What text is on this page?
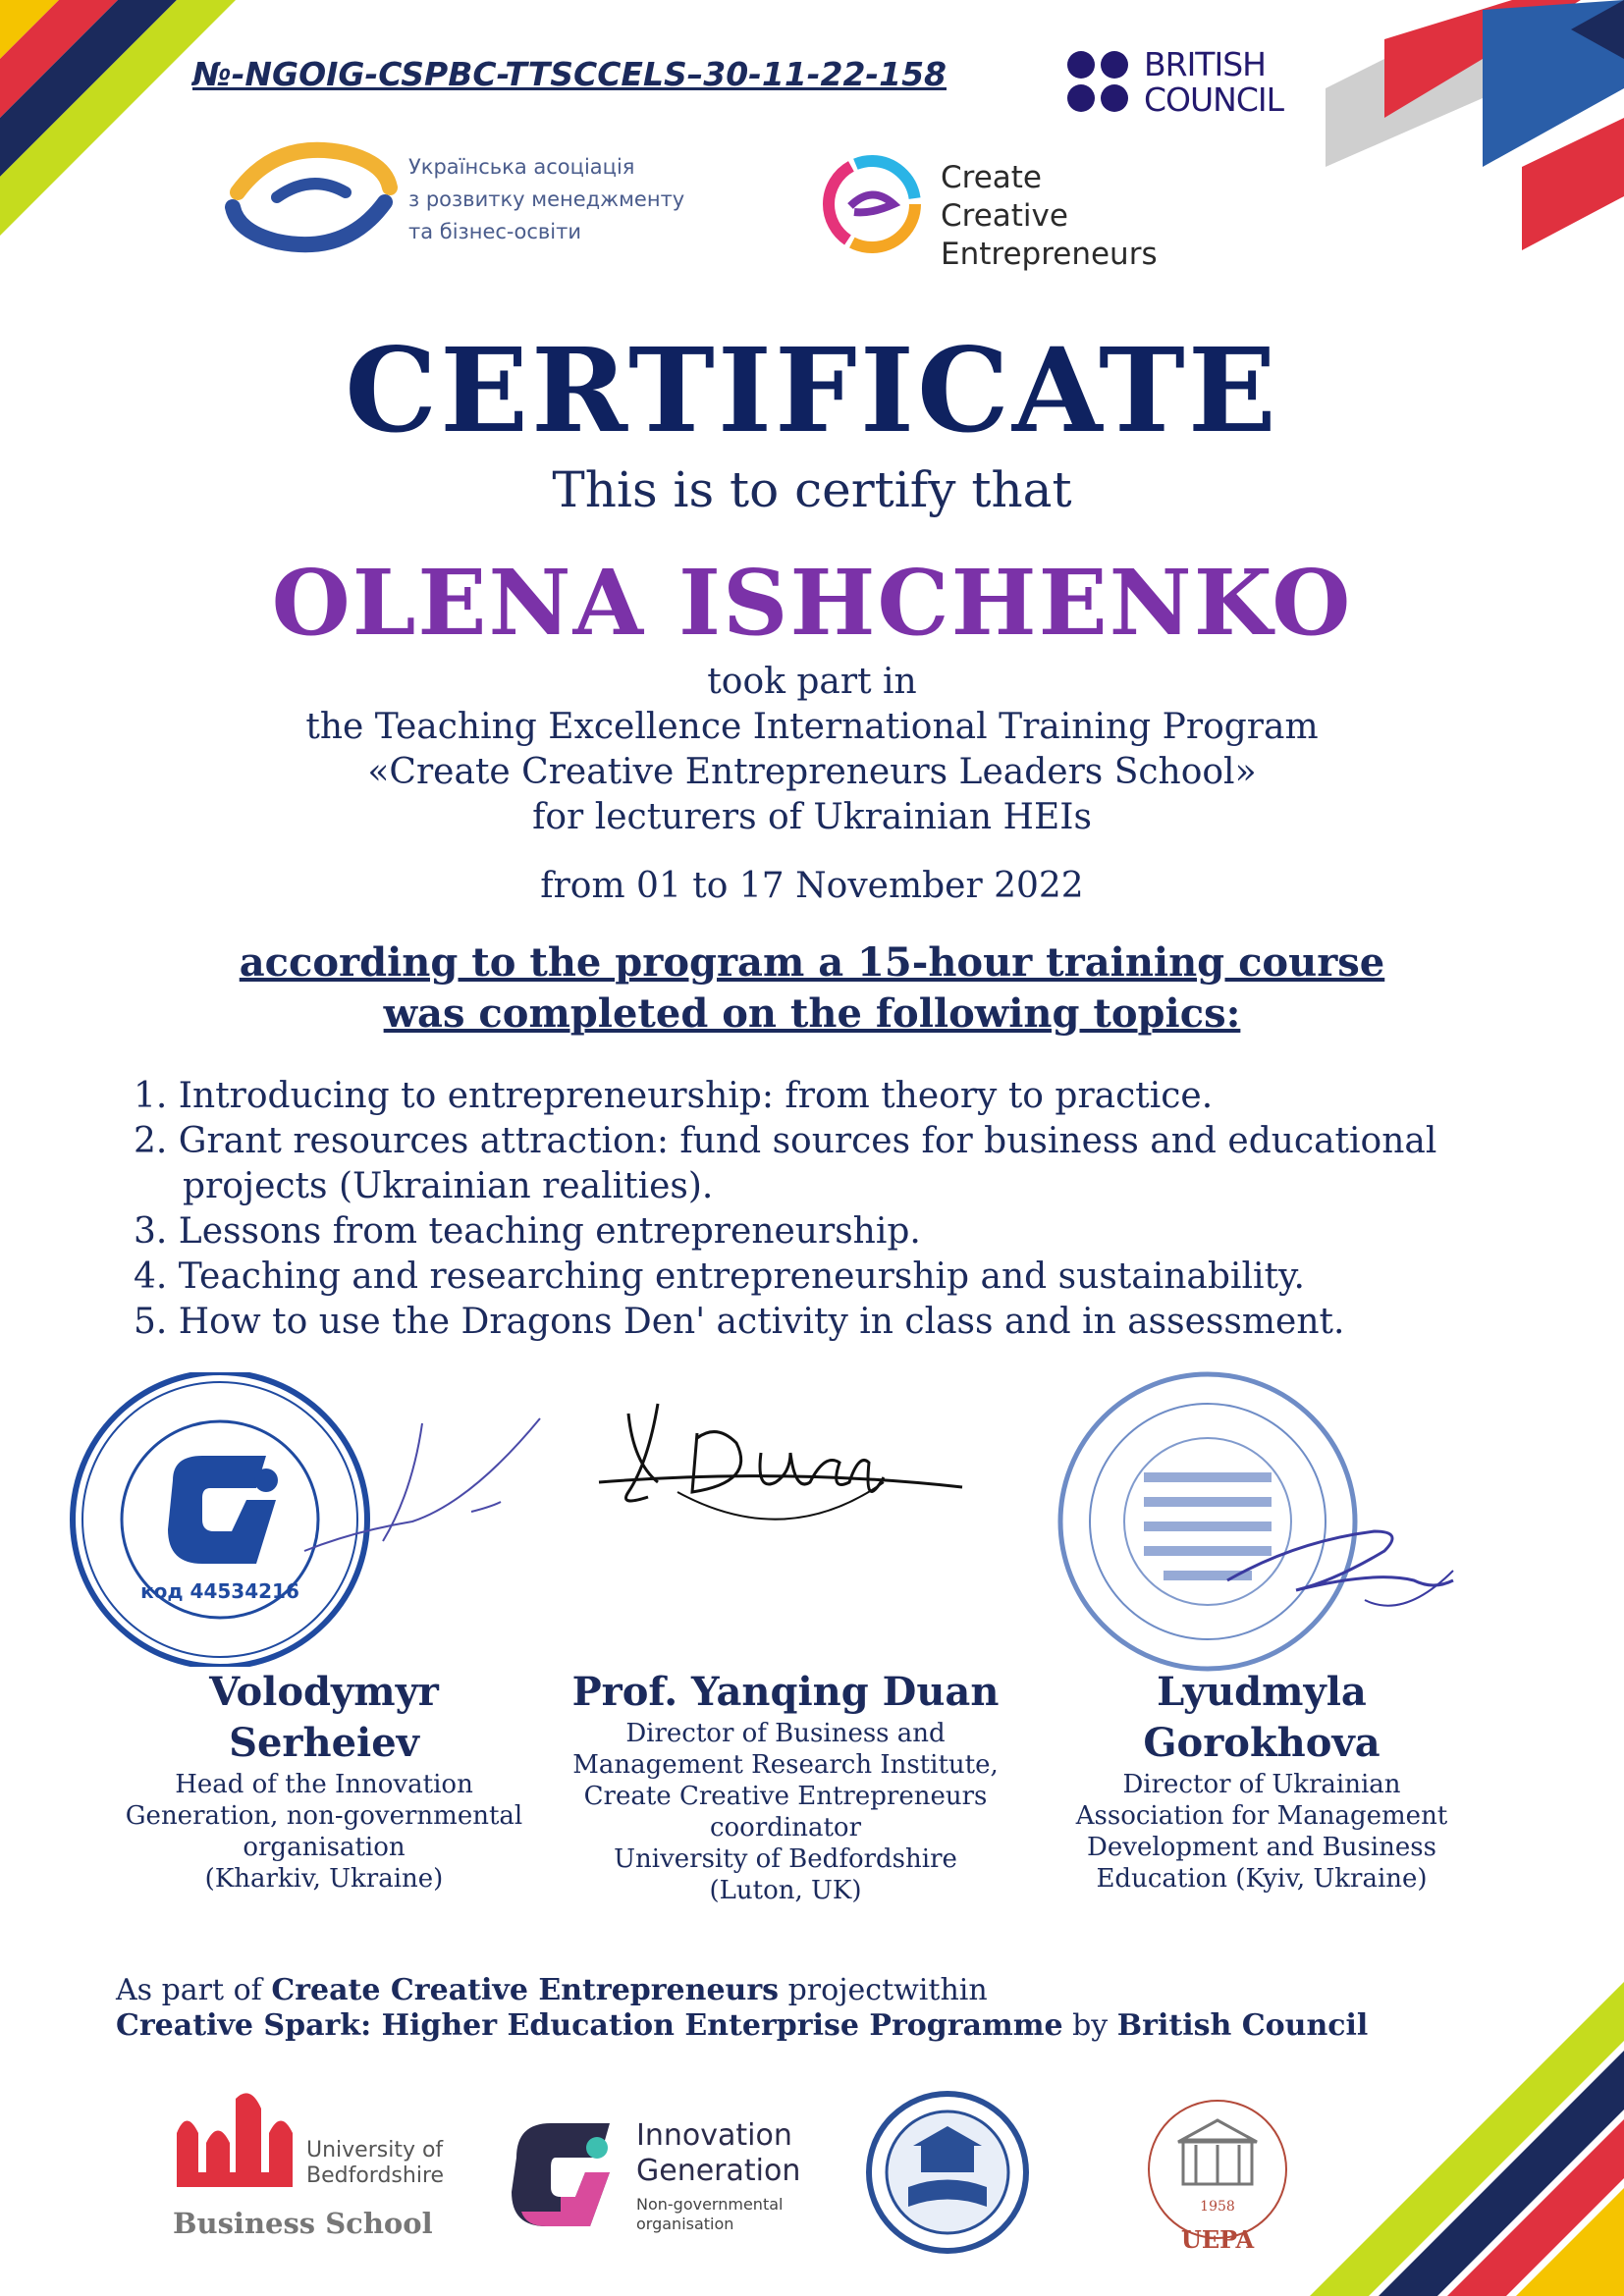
№-NGOIG-CSPBC-TTSCCELS–30-11-22-158	BRITISH
COUNCIL
Українська асоціація
з розвитку менеджменту
та бізнес-освіти
Create
Creative
Entrepreneurs
CERTIFICATE
This is to certify that
OLENA ISHCHENKO
took part in
the Teaching Excellence International Training Program
«Create Creative Entrepreneurs Leaders School»
for lecturers of Ukrainian HEIs
from 01 to 17 November 2022
according to the program a 15-hour training course
was completed on the following topics:
1. Introducing to entrepreneurship: from theory to practice.
2. Grant resources attraction: fund sources for business and educational projects (Ukrainian realities).
3. Lessons from teaching entrepreneurship.
4. Teaching and researching entrepreneurship and sustainability.
5. How to use the Dragons Den' activity in class and in assessment.
код 44534216
Volodymyr
Serheiev
Head of the Innovation
Generation, non-governmental
organisation
(Kharkiv, Ukraine)
Prof. Yanqing Duan
Director of Business and
Management Research Institute,
Create Creative Entrepreneurs
coordinator
University of Bedfordshire
(Luton, UK)
Lyudmyla
Gorokhova
Director of Ukrainian
Association for Management
Development and Business
Education (Kyiv, Ukraine)
As part of Create Creative Entrepreneurs projectwithin
Creative Spark: Higher Education Enterprise Programme by British Council
University of
Bedfordshire
Business School
Innovation
Generation
Non-governmental
organisation
1958
UEPA
